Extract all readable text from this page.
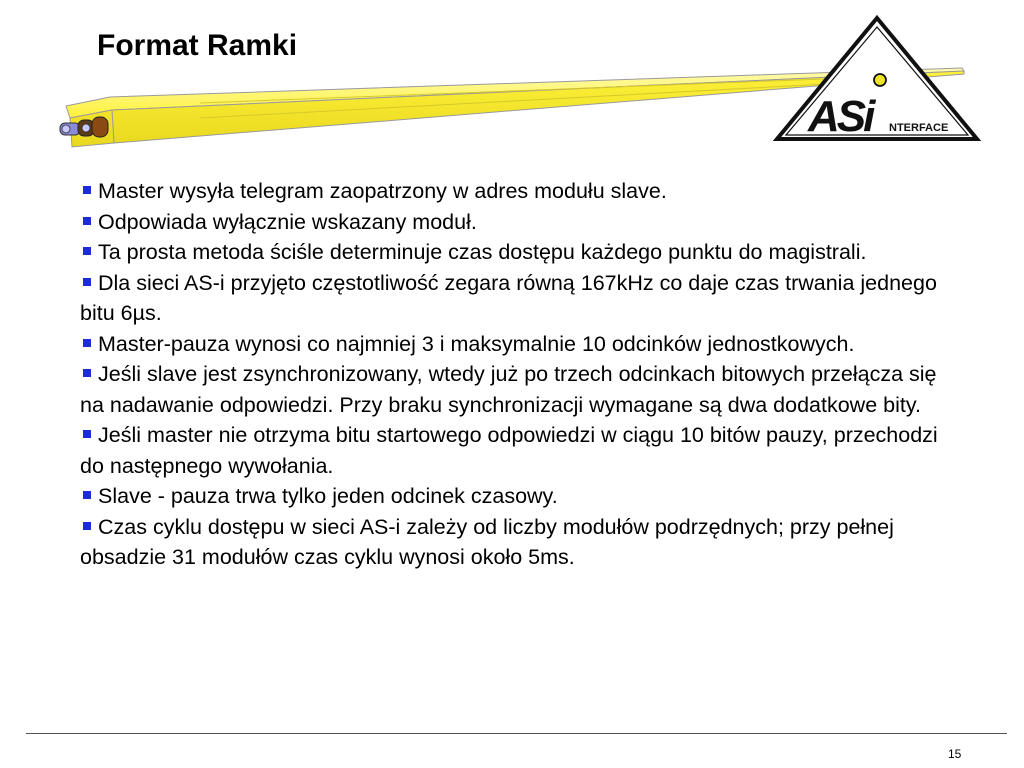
ASi	NTERFACE
Format Ramki
Master wysyła telegram zaopatrzony w adres modułu slave.
Odpowiada wyłącznie wskazany moduł.
Ta prosta metoda ściśle determinuje czas dostępu każdego punktu do magistrali.
Dla sieci AS-i przyjęto częstotliwość zegara równą 167kHz co daje czas trwania jednego bitu 6µs.
Master-pauza wynosi co najmniej 3 i maksymalnie 10 odcinków jednostkowych.
Jeśli slave jest zsynchronizowany, wtedy już po trzech odcinkach bitowych przełącza się na nadawanie odpowiedzi. Przy braku synchronizacji wymagane są dwa dodatkowe bity.
Jeśli master nie otrzyma bitu startowego odpowiedzi w ciągu 10 bitów pauzy, przechodzi do następnego wywołania.
Slave - pauza trwa tylko jeden odcinek czasowy.
Czas cyklu dostępu w sieci AS-i zależy od liczby modułów podrzędnych; przy pełnej obsadzie 31 modułów czas cyklu wynosi około 5ms.
15
